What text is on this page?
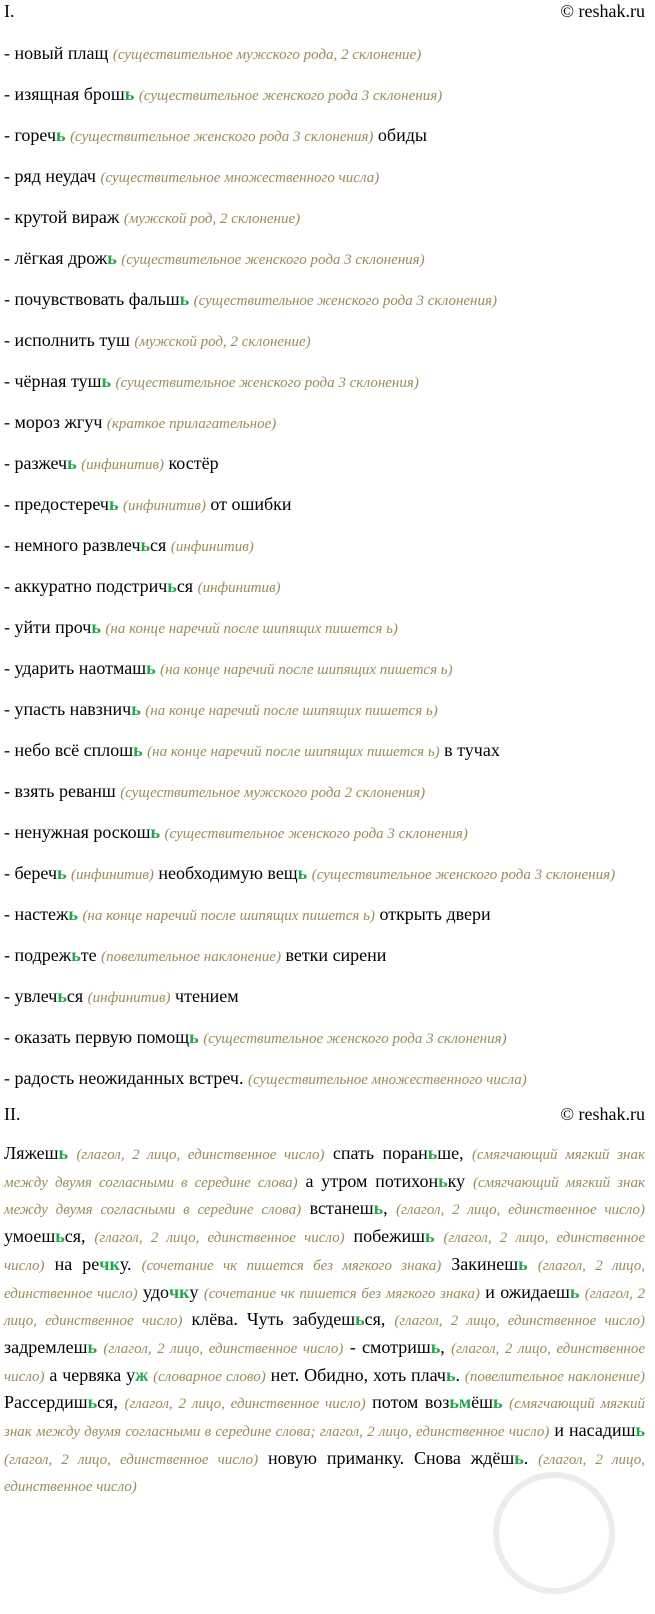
I.	© reshak.ru
- новый плащ (существительное мужского рода, 2 склонение)
- изящная брошь (существительное женского рода 3 склонения)
- горечь (существительное женского рода 3 склонения) обиды
- ряд неудач (существительное множественного числа)
- крутой вираж (мужской род, 2 склонение)
- лёгкая дрожь (существительное женского рода 3 склонения)
- почувствовать фальшь (существительное женского рода 3 склонения)
- исполнить туш (мужской род, 2 склонение)
- чёрная тушь (существительное женского рода 3 склонения)
- мороз жгуч (краткое прилагательное)
- разжечь (инфинитив) костёр
- предостеречь (инфинитив) от ошибки
- немного развлечься (инфинитив)
- аккуратно подстричься (инфинитив)
- уйти прочь (на конце наречий после шипящих пишется ь)
- ударить наотмашь (на конце наречий после шипящих пишется ь)
- упасть навзничь (на конце наречий после шипящих пишется ь)
- небо всё сплошь (на конце наречий после шипящих пишется ь) в тучах
- взять реванш (существительное мужского рода 2 склонения)
- ненужная роскошь (существительное женского рода 3 склонения)
- беречь (инфинитив) необходимую вещь (существительное женского рода 3 склонения)
- настежь (на конце наречий после шипящих пишется ь) открыть двери
- подрежьте (повелительное наклонение) ветки сирени
- увлечься (инфинитив) чтением
- оказать первую помощь (существительное женского рода 3 склонения)
- радость неожиданных встреч. (существительное множественного числа)
II.	© reshak.ru
Ляжешь (глагол, 2 лицо, единственное число) спать пораньше, (смягчающий мягкий знак между двумя согласными в середине слова) а утром потихоньку (смягчающий мягкий знак между двумя согласными в середине слова) встанешь, (глагол, 2 лицо, единственное число) умоешься, (глагол, 2 лицо, единственное число) побежишь (глагол, 2 лицо, единственное число) на речку. (сочетание чк пишется без мягкого знака) Закинешь (глагол, 2 лицо, единственное число) удочку (сочетание чк пишется без мягкого знака) и ожидаешь (глагол, 2 лицо, единственное число) клёва. Чуть забудешься, (глагол, 2 лицо, единственное число) задремлешь (глагол, 2 лицо, единственное число) - смотришь, (глагол, 2 лицо, единственное число) а червяка уж (словарное слово) нет. Обидно, хоть плачь. (повелительное наклонение) Рассердишься, (глагол, 2 лицо, единственное число) потом возьмёшь (смягчающий мягкий знак между двумя согласными в середине слова; глагол, 2 лицо, единственное число) и насадишь (глагол, 2 лицо, единственное число) новую приманку. Снова ждёшь. (глагол, 2 лицо, единственное число)
